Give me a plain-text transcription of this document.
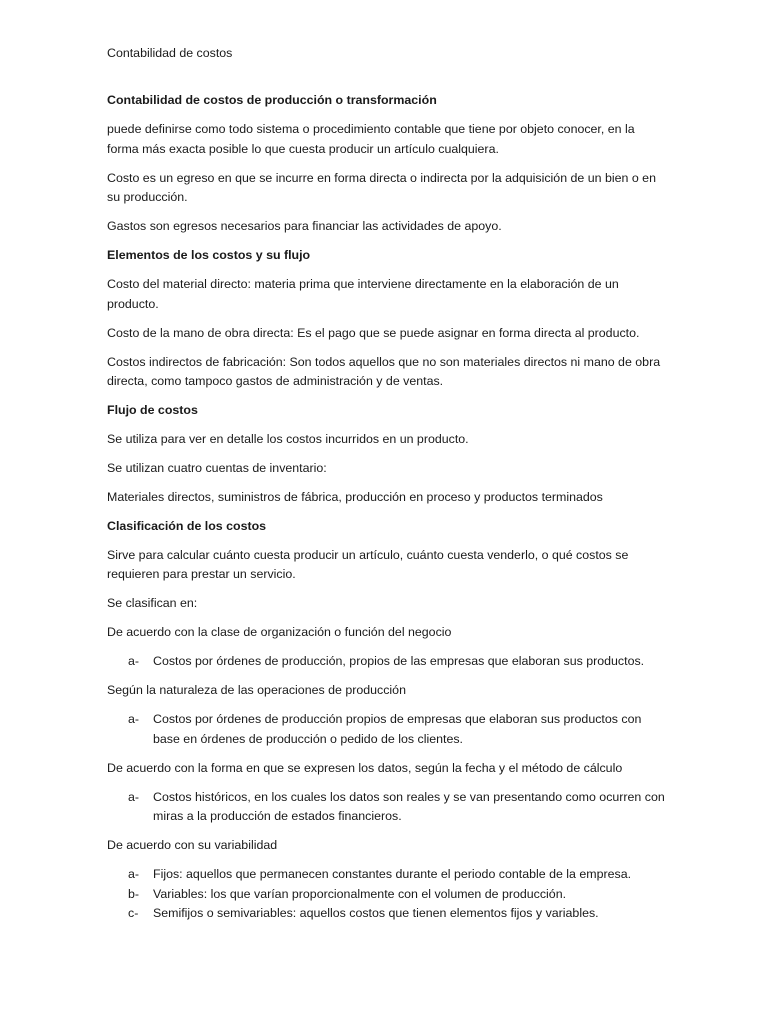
Contabilidad de costos

Contabilidad de costos de producción o transformación

puede definirse como todo sistema o procedimiento contable que tiene por objeto conocer, en la forma más exacta posible lo que cuesta producir un artículo cualquiera.

Costo es un egreso en que se incurre en forma directa o indirecta por la adquisición de un bien o en su producción.

Gastos son egresos necesarios para financiar las actividades de apoyo.

Elementos de los costos y su flujo

Costo del material directo: materia prima que interviene directamente en la elaboración de un producto.

Costo de la mano de obra directa: Es el pago que se puede asignar en forma directa al producto.

Costos indirectos de fabricación: Son todos aquellos que no son materiales directos ni mano de obra directa, como tampoco gastos de administración y de ventas.

Flujo de costos

Se utiliza para ver en detalle los costos incurridos en un producto.

Se utilizan cuatro cuentas de inventario:

Materiales directos, suministros de fábrica, producción en proceso y productos terminados

Clasificación de los costos

Sirve para calcular cuánto cuesta producir un artículo, cuánto cuesta venderlo, o qué costos se requieren para prestar un servicio.

Se clasifican en:

De acuerdo con la clase de organización o función del negocio

a- Costos por órdenes de producción, propios de las empresas que elaboran sus productos.

Según la naturaleza de las operaciones de producción

a- Costos por órdenes de producción propios de empresas que elaboran sus productos con base en órdenes de producción o pedido de los clientes.

De acuerdo con la forma en que se expresen los datos, según la fecha y el método de cálculo

a- Costos históricos, en los cuales los datos son reales y se van presentando como ocurren con miras a la producción de estados financieros.

De acuerdo con su variabilidad

a- Fijos: aquellos que permanecen constantes durante el periodo contable de la empresa.
b- Variables: los que varían proporcionalmente con el volumen de producción.
c- Semifijos o semivariables: aquellos costos que tienen elementos fijos y variables.
